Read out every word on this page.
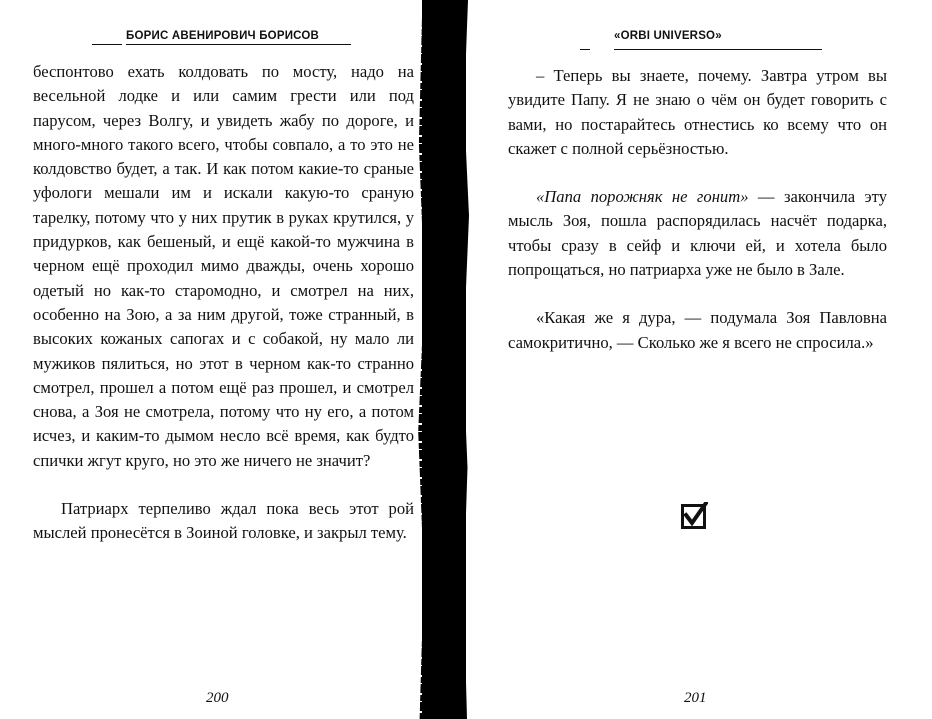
БОРИС АВЕНИРОВИЧ БОРИСОВ	«ORBI UNIVERSO»

беспонтово ехать колдовать по мосту, надо на весельной лодке и или самим грести или под парусом, через Волгу, и увидеть жабу по дороге, и много-много такого всего, чтобы совпало, а то это не колдовство будет, а так. И как потом какие-то сраные уфологи мешали им и искали какую-то сраную тарелку, потому что у них прутик в руках крутился, у придурков, как бешеный, и ещё какой-то мужчина в черном ещё проходил мимо дважды, очень хорошо одетый но как-то старомодно, и смотрел на них, особенно на Зою, а за ним другой, тоже странный, в высоких кожаных сапогах и с собакой, ну мало ли мужиков пялиться, но этот в черном как-то странно смотрел, прошел а потом ещё раз прошел, и смотрел снова, а Зоя не смотрела, потому что ну его, а потом исчез, и каким-то дымом несло всё время, как будто спички жгут круго, но это же ничего не значит?

Патриарх терпеливо ждал пока весь этот рой мыслей пронесётся в Зоиной головке, и закрыл тему.

– Теперь вы знаете, почему. Завтра утром вы увидите Папу. Я не знаю о чём он будет говорить с вами, но постарайтесь отнестись ко всему что он скажет с полной серьёзностью.

«Папа порожняк не гонит» — закончила эту мысль Зоя, пошла распорядилась насчёт подарка, чтобы сразу в сейф и ключи ей, и хотела было попрощаться, но патриарха уже не было в Зале.

«Какая же я дура, — подумала Зоя Павловна самокритично, — Сколько же я всего не спросила.»

200	201
